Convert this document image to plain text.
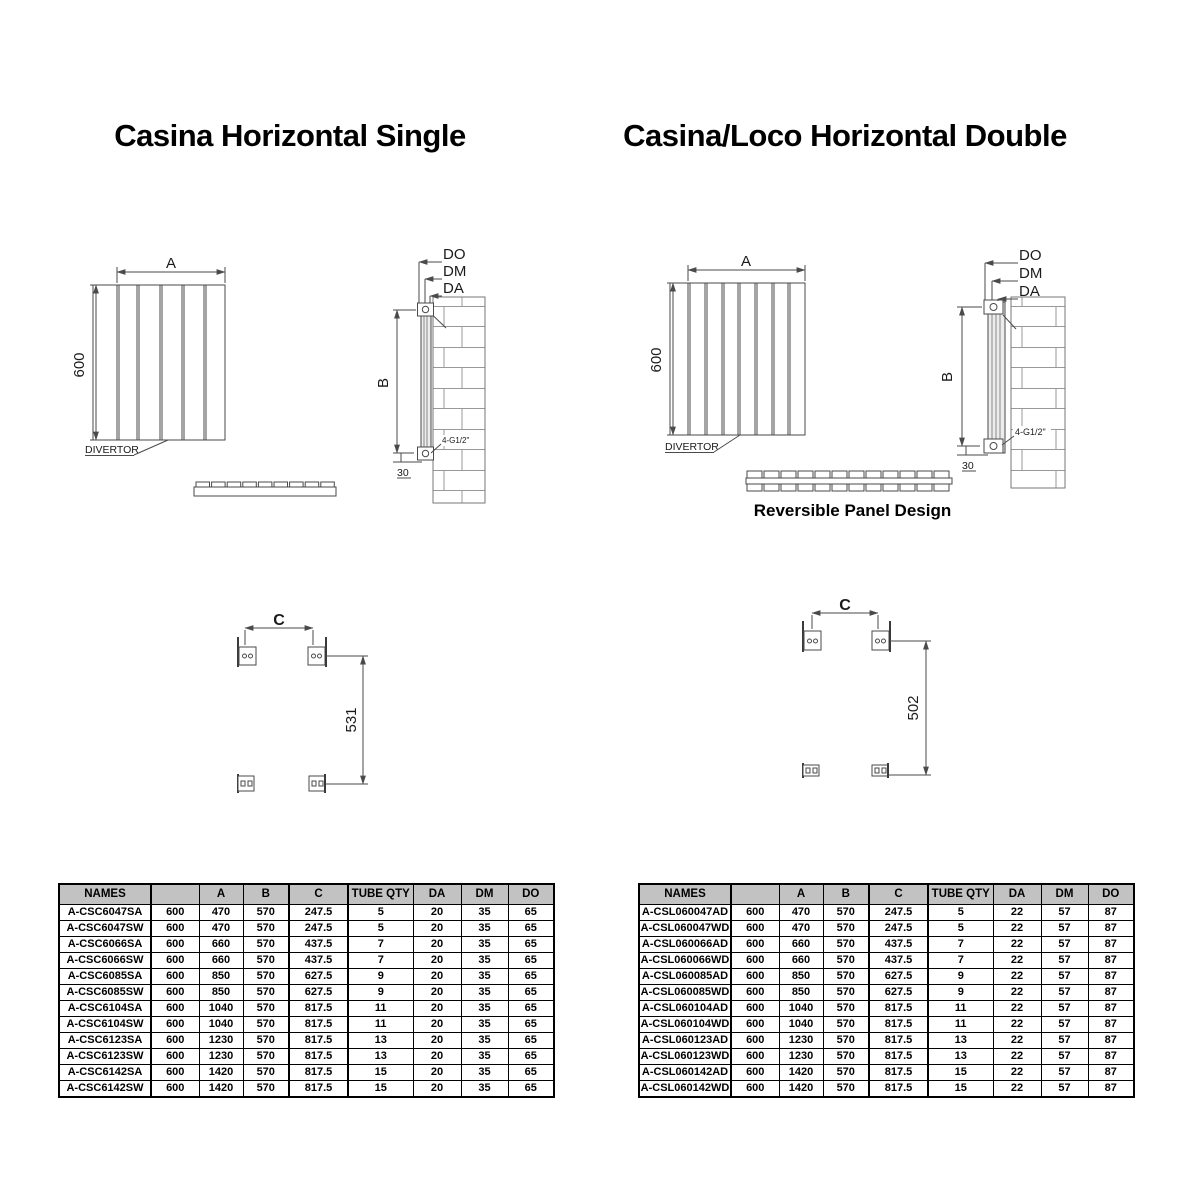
Casina Horizontal Single	Casina/Loco Horizontal Double
A
600
DIVERTOR
DO
DM
DA
B
30
4-G1/2"
C
531
A
600
DIVERTOR
Reversible Panel Design
DO
DM
DA
B
30
4-G1/2"
C
502
NAMES		A	B	C	TUBE QTY	DA	DM	DO
A-CSC6047SA	600	470	570	247.5	5	20	35	65
A-CSC6047SW	600	470	570	247.5	5	20	35	65
A-CSC6066SA	600	660	570	437.5	7	20	35	65
A-CSC6066SW	600	660	570	437.5	7	20	35	65
A-CSC6085SA	600	850	570	627.5	9	20	35	65
A-CSC6085SW	600	850	570	627.5	9	20	35	65
A-CSC6104SA	600	1040	570	817.5	11	20	35	65
A-CSC6104SW	600	1040	570	817.5	11	20	35	65
A-CSC6123SA	600	1230	570	817.5	13	20	35	65
A-CSC6123SW	600	1230	570	817.5	13	20	35	65
A-CSC6142SA	600	1420	570	817.5	15	20	35	65
A-CSC6142SW	600	1420	570	817.5	15	20	35	65
NAMES		A	B	C	TUBE QTY	DA	DM	DO
A-CSL060047AD	600	470	570	247.5	5	22	57	87
A-CSL060047WD	600	470	570	247.5	5	22	57	87
A-CSL060066AD	600	660	570	437.5	7	22	57	87
A-CSL060066WD	600	660	570	437.5	7	22	57	87
A-CSL060085AD	600	850	570	627.5	9	22	57	87
A-CSL060085WD	600	850	570	627.5	9	22	57	87
A-CSL060104AD	600	1040	570	817.5	11	22	57	87
A-CSL060104WD	600	1040	570	817.5	11	22	57	87
A-CSL060123AD	600	1230	570	817.5	13	22	57	87
A-CSL060123WD	600	1230	570	817.5	13	22	57	87
A-CSL060142AD	600	1420	570	817.5	15	22	57	87
A-CSL060142WD	600	1420	570	817.5	15	22	57	87
